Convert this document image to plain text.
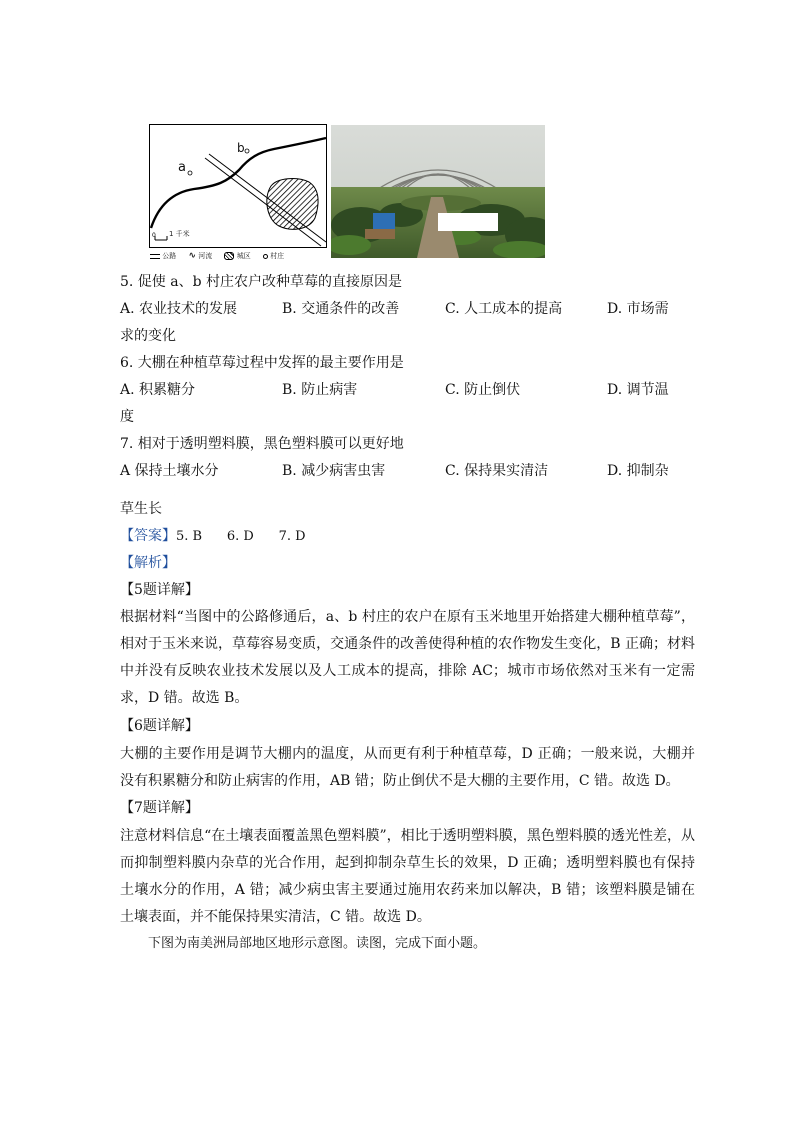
0
a
b
1 千米
公路 ∿ 河流	城区	村庄
5. 促使 a、b 村庄农户改种草莓的直接原因是
A. 农业技术的发展	B. 交通条件的改善	C. 人工成本的提高	D. 市场需
求的变化
6. 大棚在种植草莓过程中发挥的最主要作用是
A. 积累糖分	B. 防止病害	C. 防止倒伏	D. 调节温
度
7. 相对于透明塑料膜，黑色塑料膜可以更好地
A 保持土壤水分	B. 减少病害虫害	C. 保持果实清洁	D. 抑制杂
草生长
【答案】5. B      6. D      7. D
【解析】
【5题详解】
根据材料“当图中的公路修通后，a、b 村庄的农户在原有玉米地里开始搭建大棚种植草莓”，相对于玉米来说，草莓容易变质，交通条件的改善使得种植的农作物发生变化，B 正确；材料中并没有反映农业技术发展以及人工成本的提高，排除 AC；城市市场依然对玉米有一定需求，D 错。故选 B。
【6题详解】
大棚的主要作用是调节大棚内的温度，从而更有利于种植草莓，D 正确；一般来说，大棚并没有积累糖分和防止病害的作用，AB 错；防止倒伏不是大棚的主要作用，C 错。故选 D。
【7题详解】
注意材料信息“在土壤表面覆盖黑色塑料膜”，相比于透明塑料膜，黑色塑料膜的透光性差，从而抑制塑料膜内杂草的光合作用，起到抑制杂草生长的效果，D 正确；透明塑料膜也有保持土壤水分的作用，A 错；减少病虫害主要通过施用农药来加以解决，B 错；该塑料膜是铺在土壤表面，并不能保持果实清洁，C 错。故选 D。
下图为南美洲局部地区地形示意图。读图，完成下面小题。
